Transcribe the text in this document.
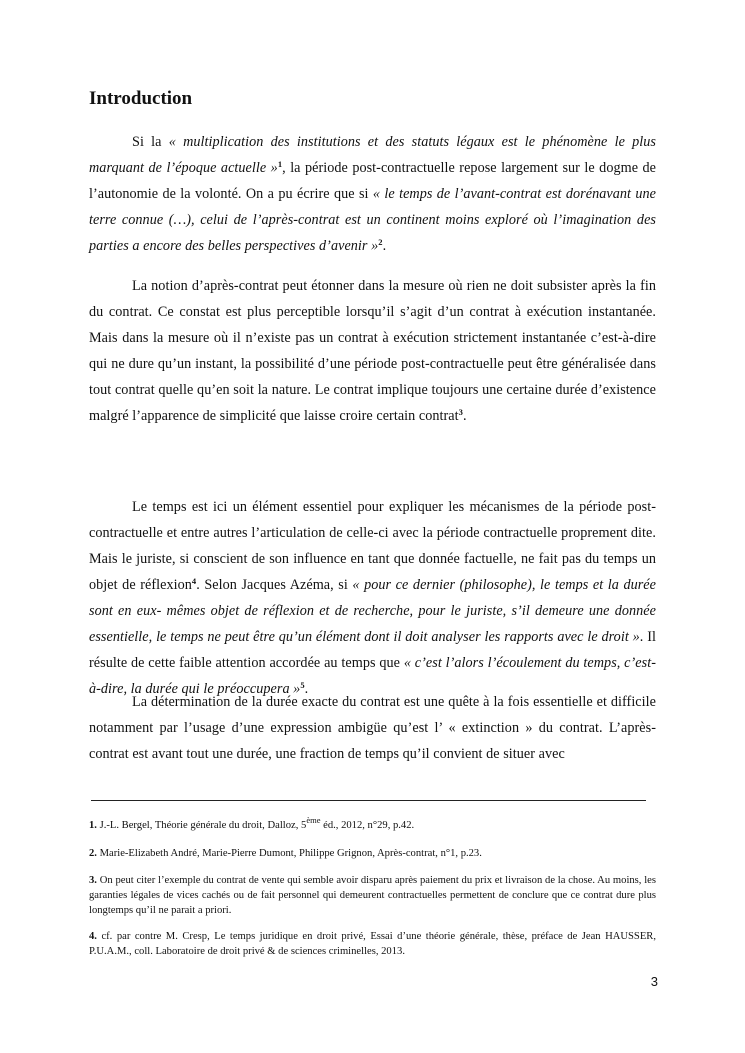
Introduction

Si la « multiplication des institutions et des statuts légaux est le phénomène le plus marquant de l’époque actuelle »$^1$, la période post-contractuelle repose largement sur le dogme de l’autonomie de la volonté. On a pu écrire que si « le temps de l’avant-contrat est dorénavant une terre connue (…), celui de l’après-contrat est un continent moins exploré où l’imagination des parties a encore des belles perspectives d’avenir »$^2$.

La notion d’après-contrat peut étonner dans la mesure où rien ne doit subsister après la fin du contrat. Ce constat est plus perceptible lorsqu’il s’agit d’un contrat à exécution instantanée. Mais dans la mesure où il n’existe pas un contrat à exécution strictement instantanée c’est-à-dire qui ne dure qu’un instant, la possibilité d’une période post-contractuelle peut être généralisée dans tout contrat quelle qu’en soit la nature. Le contrat implique toujours une certaine durée d’existence malgré l’apparence de simplicité que laisse croire certain contrat$^3$.

Le temps est ici un élément essentiel pour expliquer les mécanismes de la période post-contractuelle et entre autres l’articulation de celle-ci avec la période contractuelle proprement dite. Mais le juriste, si conscient de son influence en tant que donnée factuelle, ne fait pas du temps un objet de réflexion$^4$. Selon Jacques Azéma, si « pour ce dernier (philosophe), le temps et la durée sont en eux- mêmes objet de réflexion et de recherche, pour le juriste, s’il demeure une donnée essentielle, le temps ne peut être qu’un élément dont il doit analyser les rapports avec le droit ». Il résulte de cette faible attention accordée au temps que « c’est l’alors l’écoulement du temps, c’est-à-dire, la durée qui le préoccupera »$^5$.

La détermination de la durée exacte du contrat est une quête à la fois essentielle et difficile notamment par l’usage d’une expression ambigüe qu’est l’ « extinction » du contrat. L’après-contrat est avant tout une durée, une fraction de temps qu’il convient de situer avec

1. J.-L. Bergel, Théorie générale du droit, Dalloz, 5ème éd., 2012, n°29, p.42.

2. Marie-Elizabeth André, Marie-Pierre Dumont, Philippe Grignon, Après-contrat, n°1, p.23.

3. On peut citer l’exemple du contrat de vente qui semble avoir disparu après paiement du prix et livraison de la chose. Au moins, les garanties légales de vices cachés ou de fait personnel qui demeurent contractuelles permettent de conclure que ce contrat dure plus longtemps qu’il ne parait a priori.

4. cf. par contre M. Cresp, Le temps juridique en droit privé, Essai d’une théorie générale, thèse, préface de Jean HAUSSER, P.U.A.M., coll. Laboratoire de droit privé & de sciences criminelles, 2013.

3
